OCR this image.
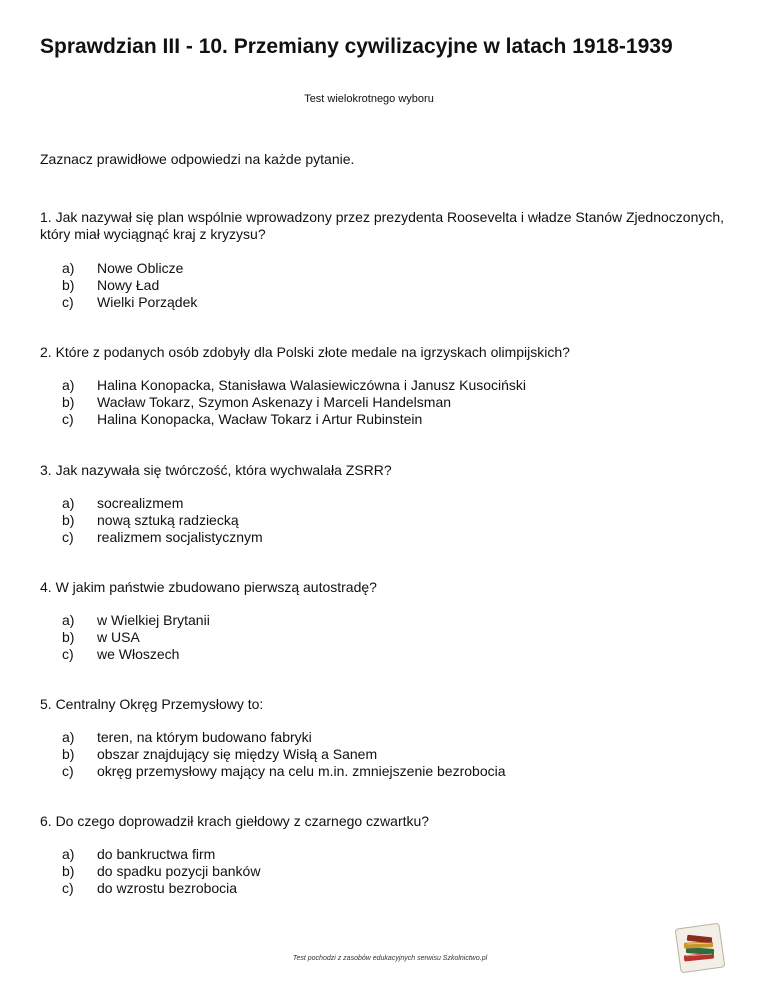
Sprawdzian III - 10. Przemiany cywilizacyjne w latach 1918-1939
Test wielokrotnego wyboru
Zaznacz prawidłowe odpowiedzi na każde pytanie.

1. Jak nazywał się plan wspólnie wprowadzony przez prezydenta Roosevelta i władze Stanów Zjednoczonych, który miał wyciągnąć kraj z kryzysu?

a)	Nowe Oblicze
b)	Nowy Ład
c)	Wielki Porządek

2. Które z podanych osób zdobyły dla Polski złote medale na igrzyskach olimpijskich?

a)	Halina Konopacka, Stanisława Walasiewiczówna i Janusz Kusociński
b)	Wacław Tokarz, Szymon Askenazy i Marceli Handelsman
c)	Halina Konopacka, Wacław Tokarz i Artur Rubinstein

3. Jak nazywała się twórczość, która wychwalała ZSRR?

a)	socrealizmem
b)	nową sztuką radziecką
c)	realizmem socjalistycznym

4. W jakim państwie zbudowano pierwszą autostradę?

a)	w Wielkiej Brytanii
b)	w USA
c)	we Włoszech

5. Centralny Okręg Przemysłowy to:

a)	teren, na którym budowano fabryki
b)	obszar znajdujący się między Wisłą a Sanem
c)	okręg przemysłowy mający na celu m.in. zmniejszenie bezrobocia

6. Do czego doprowadził krach giełdowy z czarnego czwartku?

a)	do bankructwa firm
b)	do spadku pozycji banków
c)	do wzrostu bezrobocia
Test pochodzi z zasobów edukacyjnych serwisu Szkolnictwo.pl
